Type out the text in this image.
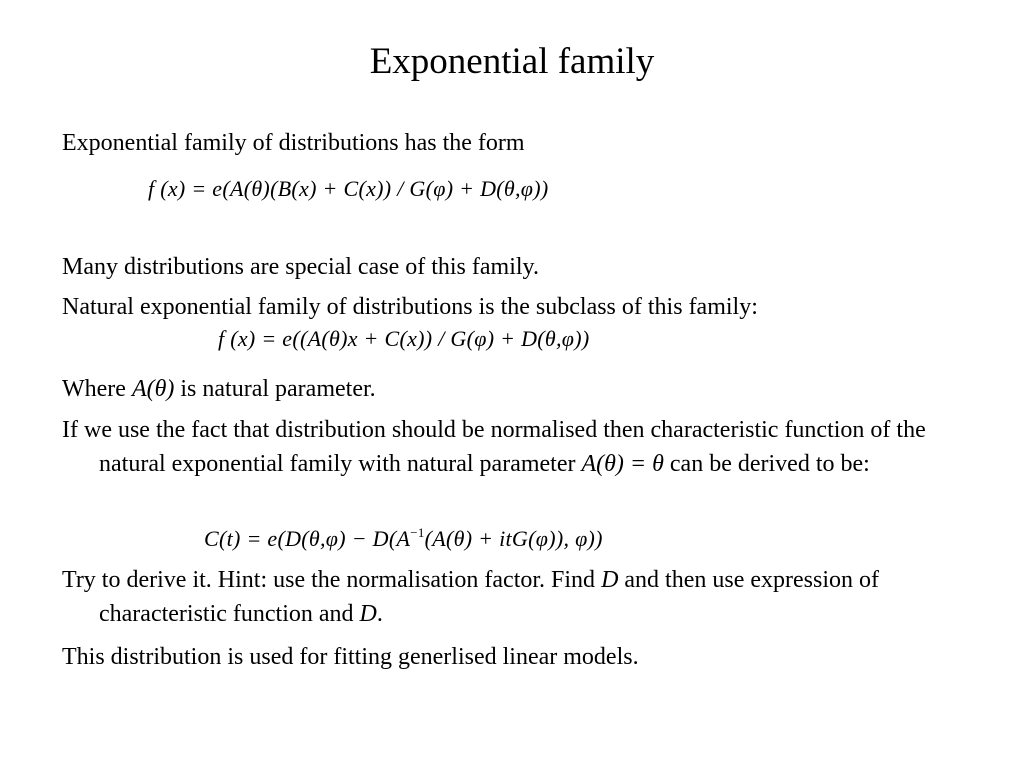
Exponential family
Exponential family of distributions has the form
f (x) = e(A(θ)(B(x) + C(x)) / G(φ) + D(θ,φ))
Many distributions are special case of this family.
Natural exponential family of distributions is the subclass of this family:
f (x) = e((A(θ)x + C(x)) / G(φ) + D(θ,φ))
Where A(θ) is natural parameter.
If we use the fact that distribution should be normalised then characteristic function of the natural exponential family with natural parameter A(θ) = θ can be derived to be:
$C(t) = e(D(\theta,\varphi) - D(A^{-1}(A(\theta) + itG(\varphi))$, φ))
Try to derive it. Hint: use the normalisation factor. Find D and then use expression of characteristic function and D.
This distribution is used for fitting generlised linear models.
